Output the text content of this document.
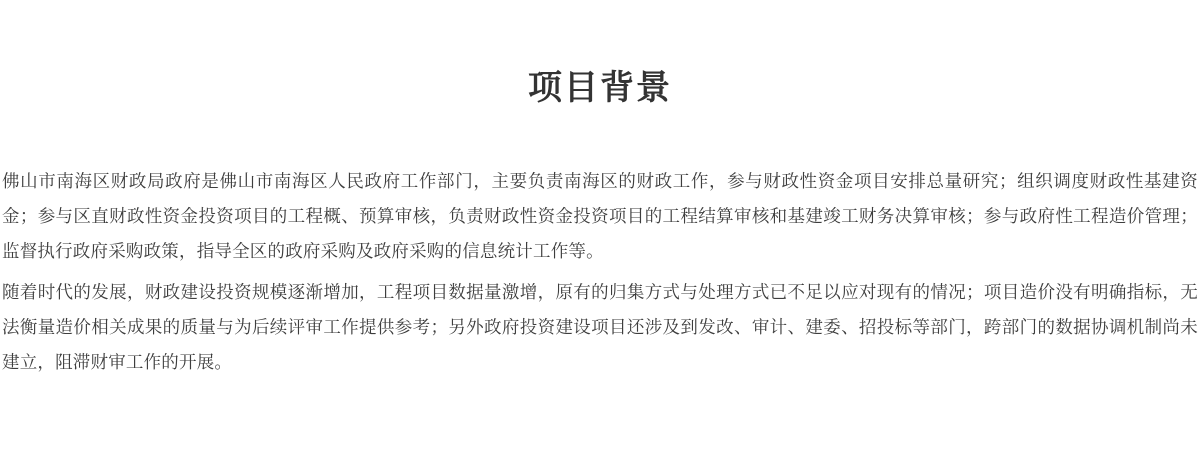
项目背景

佛山市南海区财政局政府是佛山市南海区人民政府工作部门，主要负责南海区的财政工作，参与财政性资金项目安排总量研究；组织调度财政性基建资金；参与区直财政性资金投资项目的工程概、预算审核，负责财政性资金投资项目的工程结算审核和基建竣工财务决算审核；参与政府性工程造价管理；监督执行政府采购政策，指导全区的政府采购及政府采购的信息统计工作等。

随着时代的发展，财政建设投资规模逐渐增加，工程项目数据量激增，原有的归集方式与处理方式已不足以应对现有的情况；项目造价没有明确指标，无法衡量造价相关成果的质量与为后续评审工作提供参考；另外政府投资建设项目还涉及到发改、审计、建委、招投标等部门，跨部门的数据协调机制尚未建立，阻滞财审工作的开展。
